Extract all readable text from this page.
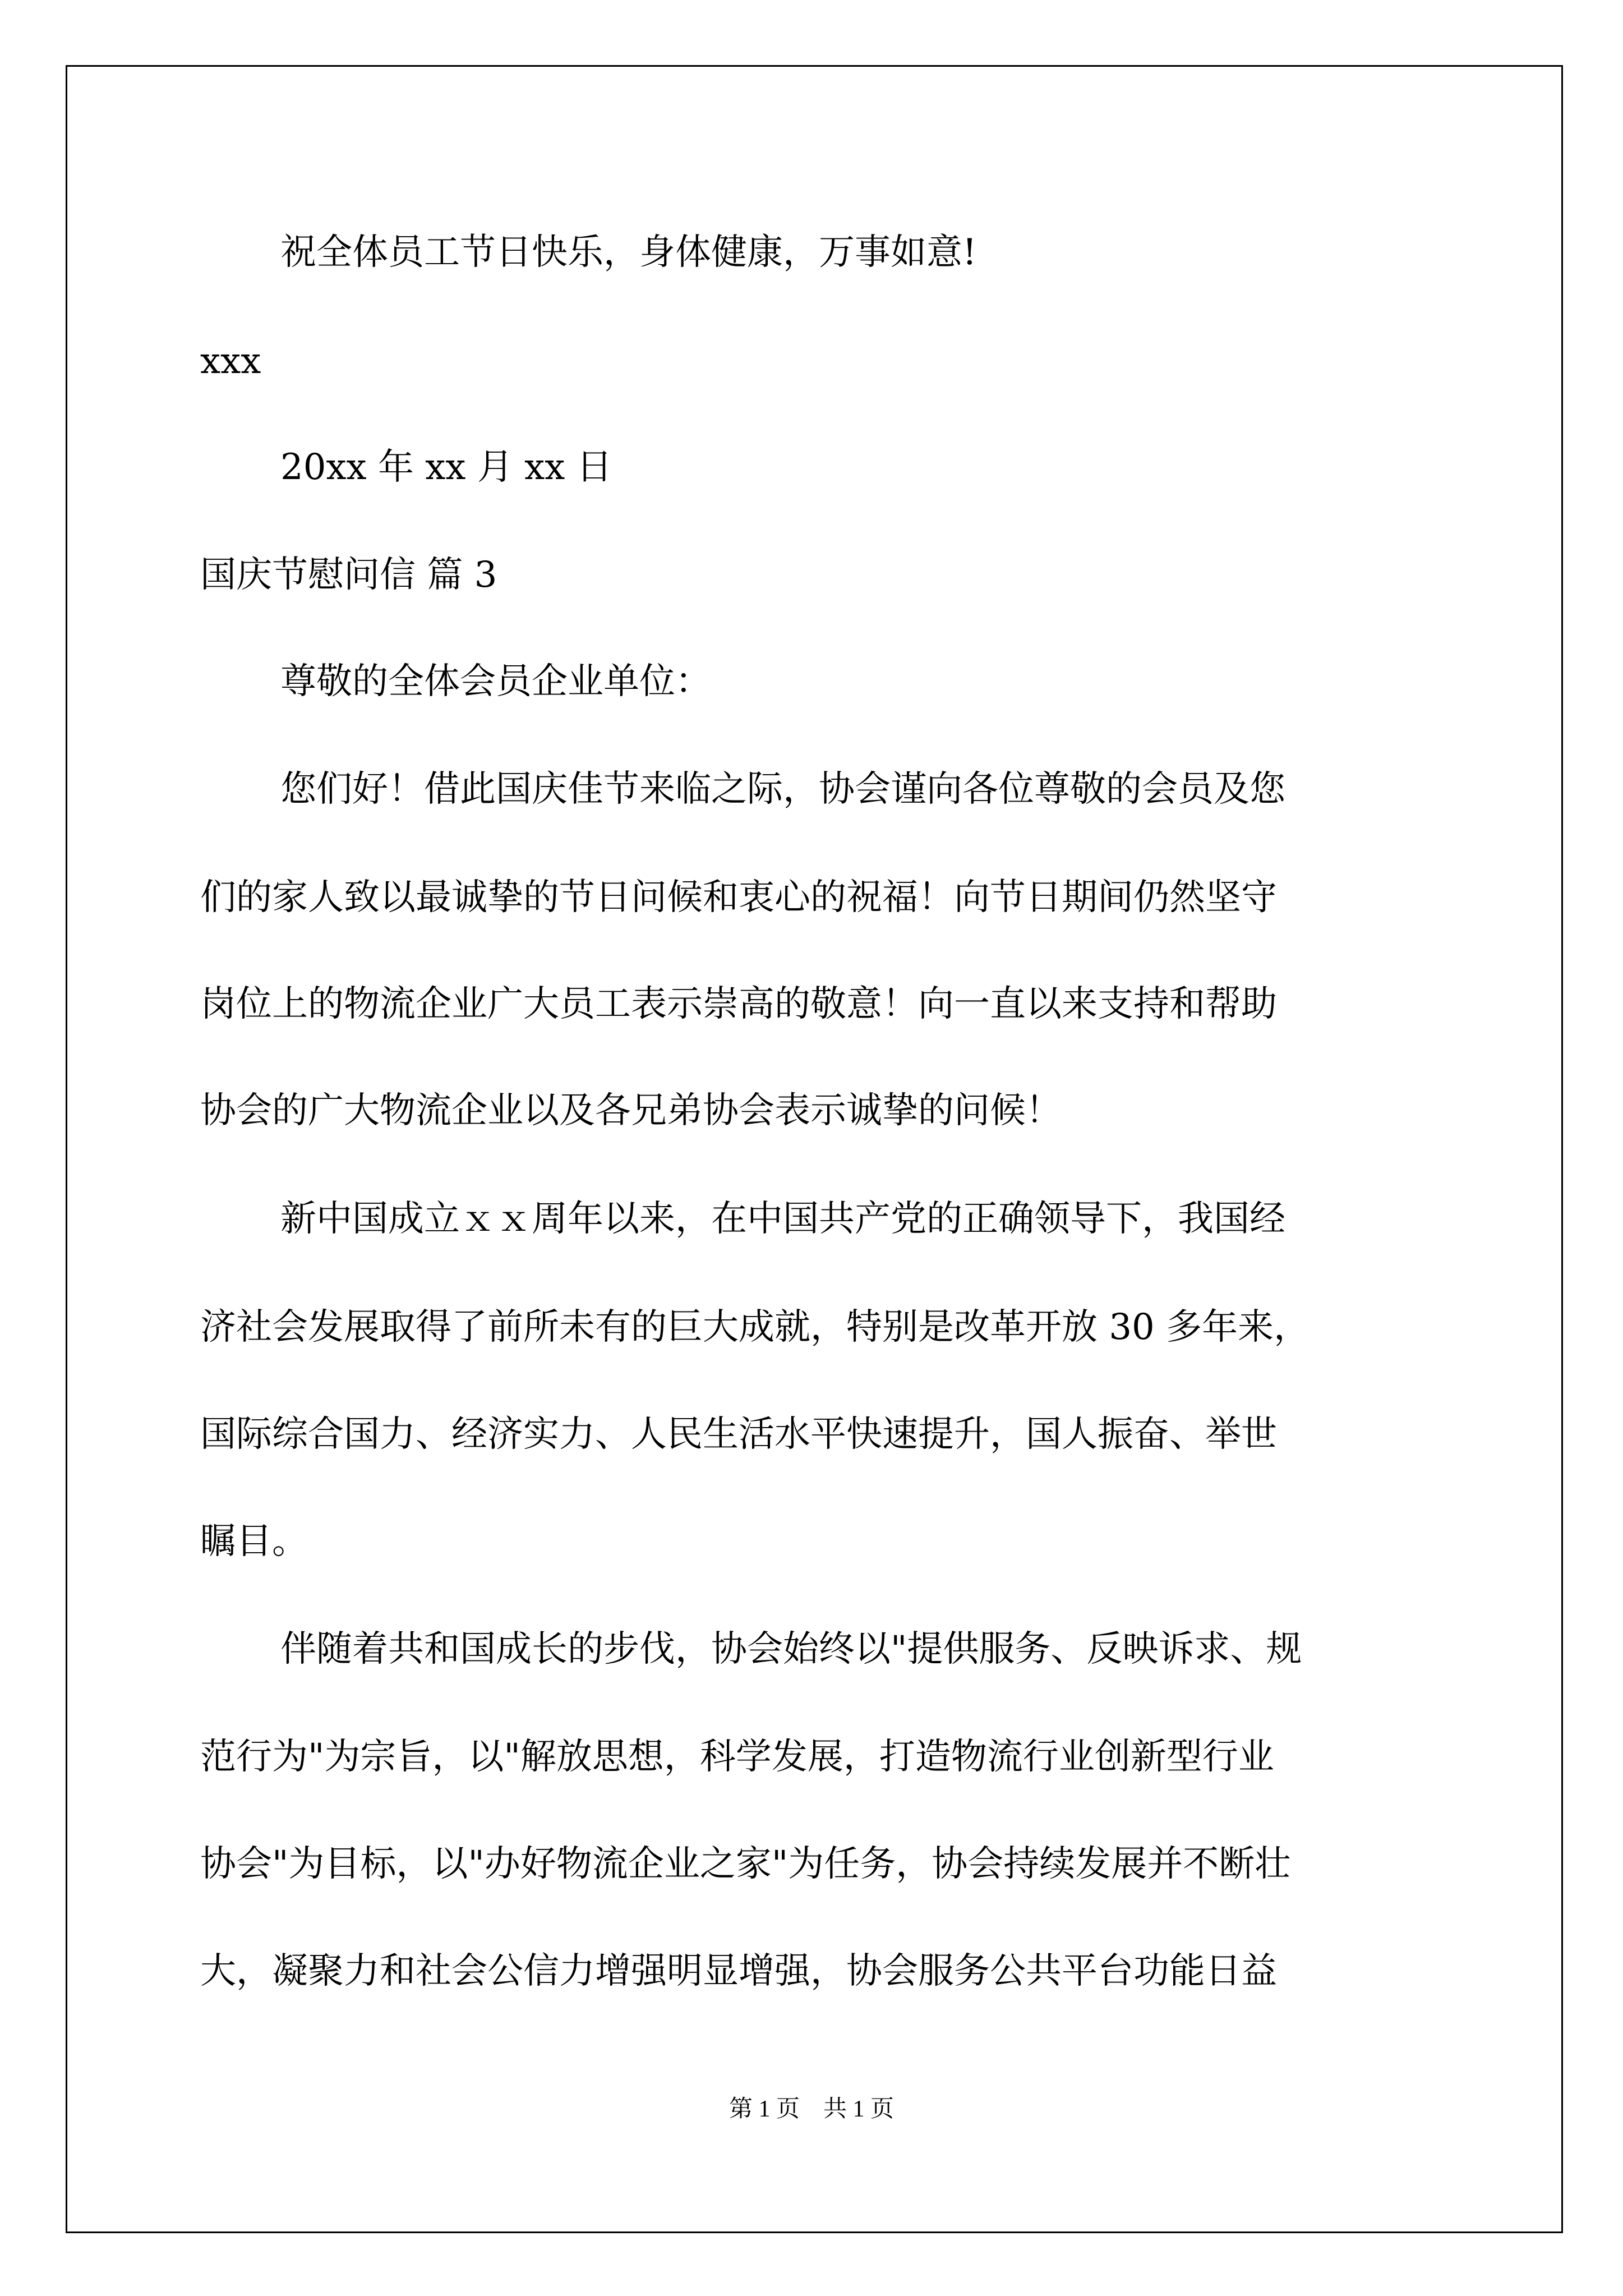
祝全体员工节日快乐，身体健康，万事如意!
xxx
20xx 年 xx 月 xx 日
国庆节慰问信 篇 3
尊敬的全体会员企业单位：
您们好！借此国庆佳节来临之际，协会谨向各位尊敬的会员及您
们的家人致以最诚挚的节日问候和衷心的祝福！向节日期间仍然坚守
岗位上的物流企业广大员工表示崇高的敬意！向一直以来支持和帮助
协会的广大物流企业以及各兄弟协会表示诚挚的问候！
新中国成立ｘｘ周年以来，在中国共产党的正确领导下，我国经
济社会发展取得了前所未有的巨大成就，特别是改革开放 30 多年来，
国际综合国力、经济实力、人民生活水平快速提升，国人振奋、举世
瞩目。
伴随着共和国成长的步伐，协会始终以"提供服务、反映诉求、规
范行为"为宗旨，以"解放思想，科学发展，打造物流行业创新型行业
协会"为目标，以"办好物流企业之家"为任务，协会持续发展并不断壮
大，凝聚力和社会公信力增强明显增强，协会服务公共平台功能日益
第 1 页　共 1 页
